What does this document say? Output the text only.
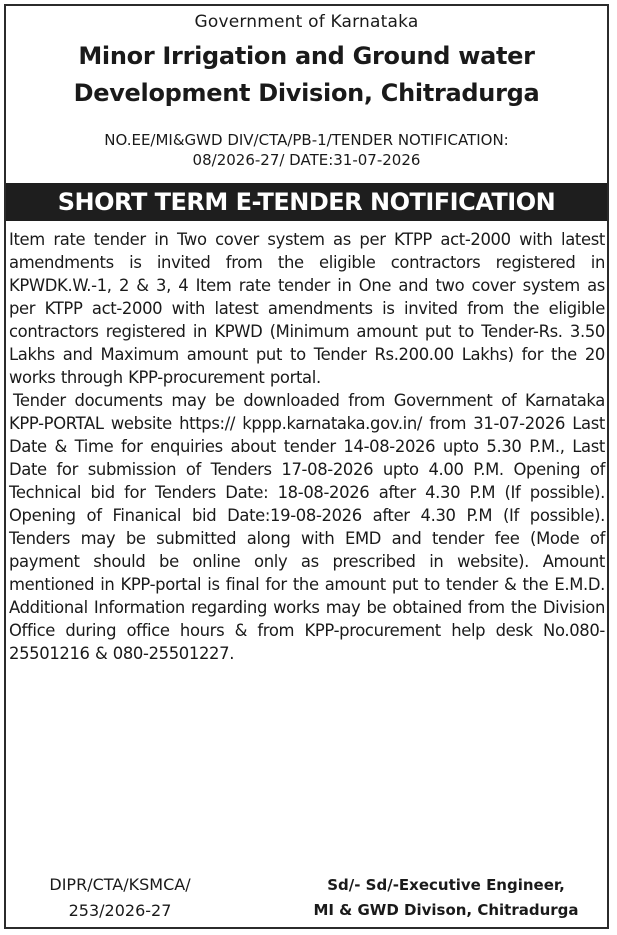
Government of Karnataka
Minor Irrigation and Ground water
Development Division, Chitradurga
NO.EE/MI&GWD DIV/CTA/PB-1/TENDER NOTIFICATION:
08/2026-27/ DATE:31-07-2026
SHORT TERM E-TENDER NOTIFICATION

Item rate tender in Two cover system as per KTPP act-2000 with latest amendments is invited from the eligible contractors registered in KPWDK.W.-1, 2 & 3, 4 Item rate tender in One and two cover system as per KTPP act-2000 with latest amendments is invited from the eligible contractors registered in KPWD (Minimum amount put to Tender-Rs. 3.50 Lakhs and Maximum amount put to Tender Rs.200.00 Lakhs) for the 20 works through KPP-procurement portal.

Tender documents may be downloaded from Government of Karnataka KPP-PORTAL website https:// kppp.karnataka.gov.in/ from 31-07-2026 Last Date & Time for enquiries about tender 14-08-2026 upto 5.30 P.M., Last Date for submission of Tenders 17-08-2026 upto 4.00 P.M. Opening of Technical bid for Tenders Date: 18-08-2026 after 4.30 P.M (If possible). Opening of Finanical bid Date:19-08-2026 after 4.30 P.M (If possible). Tenders may be submitted along with EMD and tender fee (Mode of payment should be online only as prescribed in website). Amount mentioned in KPP-portal is final for the amount put to tender & the E.M.D. Additional Information regarding works may be obtained from the Division Office during office hours & from KPP-procurement help desk No.080-25501216 & 080-25501227.

DIPR/CTA/KSMCA/
253/2026-27
Sd/- Sd/-Executive Engineer,
MI & GWD Divison, Chitradurga
